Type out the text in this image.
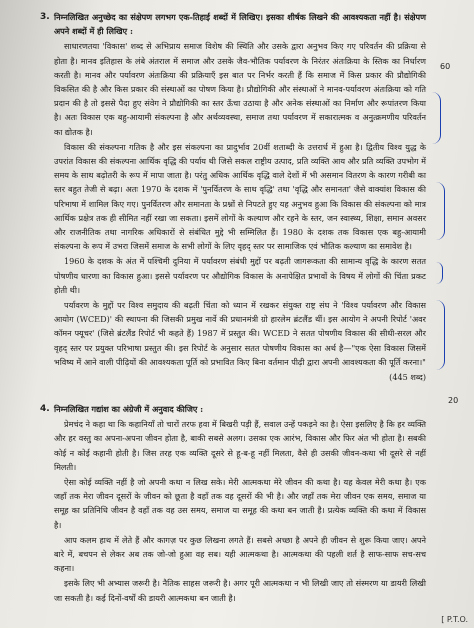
3. निम्नलिखित अनुच्छेद का संक्षेपण लगभग एक-तिहाई शब्दों में लिखिए। इसका शीर्षक लिखने की आवश्यकता नहीं है। संक्षेपण अपने शब्दों में ही लिखिए :

साधारणतया 'विकास' शब्द से अभिप्राय समाज विशेष की स्थिति और उसके द्वारा अनुभव किए गए परिवर्तन की प्रक्रिया से होता है। मानव इतिहास के लंबे अंतराल में समाज और उसके जैव-भौतिक पर्यावरण के निरंतर अंतःक्रिया के स्तिक का निर्धारण करती है। मानव और पर्यावरण अंतःक्रिया की प्रक्रियाएँ इस बात पर निर्भर करती हैं कि समाज में किस प्रकार की प्रौद्योगिकी विकसित की है और किस प्रकार की संस्थाओं का पोषण किया है। प्रौद्योगिकी और संस्थाओं ने मानव-पर्यावरण अंतःक्रिया को गति प्रदान की है तो इससे पैदा हुए संवेग ने प्रौद्योगिकी का स्तर ऊँचा उठाया है और अनेक संस्थाओं का निर्माण और रूपांतरण किया है। अतः विकास एक बहु-आयामी संकल्पना है और अर्थव्यवस्था, समाज तथा पर्यावरण में सकारात्मक व अनुत्क्रमणीय परिवर्तन का द्योतक है।

विकास की संकल्पना गतिक है और इस संकल्पना का प्रादुर्भाव 20वीं शताब्दी के उत्तरार्ध में हुआ है। द्वितीय विश्व युद्ध के उपरांत विकास की संकल्पना आर्थिक वृद्धि की पर्याय थी जिसे सकल राष्ट्रीय उत्पाद, प्रति व्यक्ति आय और प्रति व्यक्ति उपभोग में समय के साथ बढ़ोतरी के रूप में मापा जाता है। परंतु अधिक आर्थिक वृद्धि वाले देशों में भी असमान वितरण के कारण गरीबी का स्तर बहुत तेजी से बढ़ा। अतः 1970 के दशक में 'पुनर्वितरण के साथ वृद्धि' तथा 'वृद्धि और समानता' जैसे वाक्यांश विकास की परिभाषा में शामिल किए गए। पुनर्वितरण और समानता के प्रश्नों से निपटते हुए यह अनुभव हुआ कि विकास की संकल्पना को मात्र आर्थिक प्रक्षेत्र तक ही सीमित नहीं रखा जा सकता। इसमें लोगों के कल्याण और रहने के स्तर, जन स्वास्थ्य, शिक्षा, समान अवसर और राजनीतिक तथा नागरिक अधिकारों से संबंधित मुद्दे भी सम्मिलित हैं। 1980 के दशक तक विकास एक बहु-आयामी संकल्पना के रूप में उभरा जिसमें समाज के सभी लोगों के लिए वृहद् स्तर पर सामाजिक एवं भौतिक कल्याण का समावेश है।

1960 के दशक के अंत में पश्चिमी दुनिया में पर्यावरण संबंधी मुद्दों पर बढ़ती जागरूकता की सामान्य वृद्धि के कारण सतत पोषणीय धारणा का विकास हुआ। इससे पर्यावरण पर औद्योगिक विकास के अनापेक्षित प्रभावों के विषय में लोगों की चिंता प्रकट होती थी।

पर्यावरण के मुद्दों पर विश्व समुदाय की बढ़ती चिंता को ध्यान में रखकर संयुक्त राष्ट्र संघ ने 'विश्व पर्यावरण और विकास आयोग (WCED)' की स्थापना की जिसकी प्रमुख नार्वे की प्रधानमंत्री ग्रो हारलेम ब्रंटलैंड थीं। इस आयोग ने अपनी रिपोर्ट 'अवर कॉमन फ्यूचर' (जिसे ब्रंटलैंड रिपोर्ट भी कहते हैं) 1987 में प्रस्तुत की। WCED ने सतत पोषणीय विकास की सीधी-सरल और वृहद् स्तर पर प्रयुक्त परिभाषा प्रस्तुत की। इस रिपोर्ट के अनुसार सतत पोषणीय विकास का अर्थ है—"एक ऐसा विकास जिसमें भविष्य में आने वाली पीढ़ियों की आवश्यकता पूर्ति को प्रभावित किए बिना वर्तमान पीढ़ी द्वारा अपनी आवश्यकता की पूर्ति करना।"

(445 शब्द)

60
4. निम्नलिखित गद्यांश का अंग्रेजी में अनुवाद कीजिए :

प्रेमचंद ने कहा था कि कहानियाँ तो चारों तरफ हवा में बिखरी पड़ी हैं, सवाल उन्हें पकड़ने का है। ऐसा इसलिए है कि हर व्यक्ति और हर वस्तु का अपना-अपना जीवन होता है, बाकी सबसे अलग। उसका एक आरंभ, विकास और फिर अंत भी होता है। सबकी कोई न कोई कहानी होती है। जिस तरह एक व्यक्ति दूसरे से हू-ब-हू नहीं मिलता, वैसे ही उसकी जीवन-कथा भी दूसरे से नहीं मिलती।

ऐसा कोई व्यक्ति नहीं है जो अपनी कथा न लिख सके। मेरी आत्मकथा मेरे जीवन की कथा है। यह केवल मेरी कथा है। एक जहाँ तक मेरा जीवन दूसरों के जीवन को छूता है वहाँ तक वह दूसरों की भी है। और जहाँ तक मेरा जीवन एक समय, समाज या समूह का प्रतिनिधि जीवन है वहाँ तक वह उस समय, समाज या समूह की कथा बन जाती है। प्रत्येक व्यक्ति की कथा में विकास है।

आप कलम हाथ में लेते हैं और कागज़ पर कुछ लिखना लगते हैं। सबसे अच्छा है अपने ही जीवन से शुरू किया जाए। अपने बारे में, बचपन से लेकर अब तक जो-जो हुआ वह सब। यही आत्मकथा है। आत्मकथा की पहली शर्त है साफ-साफ सच-सच कहना।

इसके लिए भी अभ्यास जरूरी है। नैतिक साहस जरूरी है। अगर पूरी आत्मकथा न भी लिखी जाए तो संस्मरण या डायरी लिखी जा सकती है। कई दिनों-वर्षों की डायरी आत्मकथा बन जाती है।

20
[ P.T.O.
